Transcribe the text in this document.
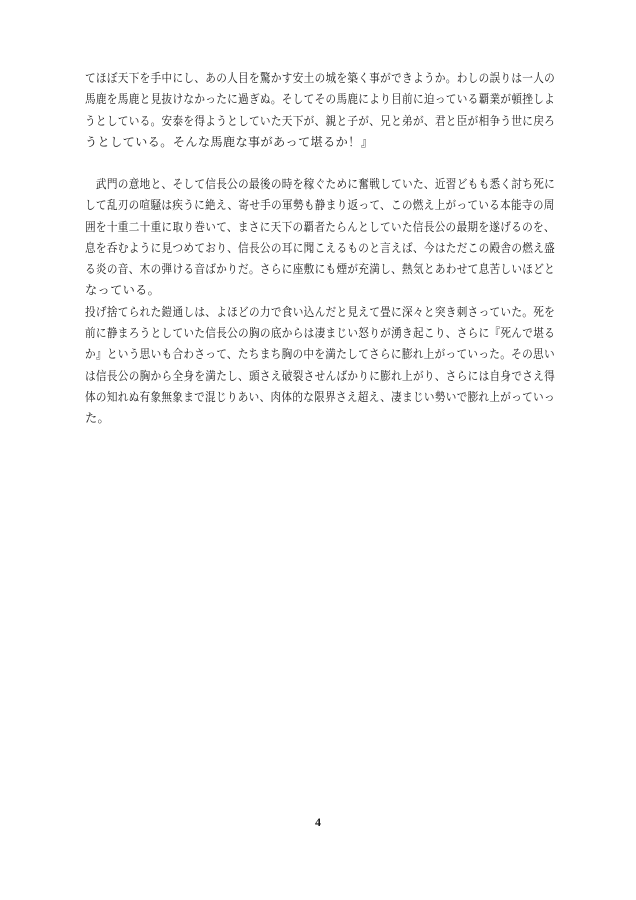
てほぼ天下を手中にし、あの人目を驚かす安土の城を築く事ができようか。わしの誤りは一人の 馬鹿を馬鹿と見抜けなかったに過ぎぬ。そしてその馬鹿により目前に迫っている覇業が頓挫しよ うとしている。安泰を得ようとしていた天下が、親と子が、兄と弟が、君と臣が相争う世に戻ろ
うとしている。そんな馬鹿な事があって堪るか！』
　武門の意地と、そして信長公の最後の時を稼ぐために奮戦していた、近習どもも悉く討ち死に して乱刃の喧騒は疾うに絶え、寄せ手の軍勢も静まり返って、この燃え上がっている本能寺の周 囲を十重二十重に取り巻いて、まさに天下の覇者たらんとしていた信長公の最期を遂げるのを、 息を呑むように見つめており、信長公の耳に聞こえるものと言えば、今はただこの殿舎の燃え盛 る炎の音、木の弾ける音ばかりだ。さらに座敷にも煙が充満し、熱気とあわせて息苦しいほどと
なっている。
投げ捨てられた鎧通しは、よほどの力で食い込んだと見えて畳に深々と突き刺さっていた。死を 前に静まろうとしていた信長公の胸の底からは凄まじい怒りが湧き起こり、さらに『死んで堪る か』という思いも合わさって、たちまち胸の中を満たしてさらに膨れ上がっていった。その思い は信長公の胸から全身を満たし、頭さえ破裂させんばかりに膨れ上がり、さらには自身でさえ得 体の知れぬ有象無象まで混じりあい、肉体的な限界さえ超え、凄まじい勢いで膨れ上がっていっ
た。
4
